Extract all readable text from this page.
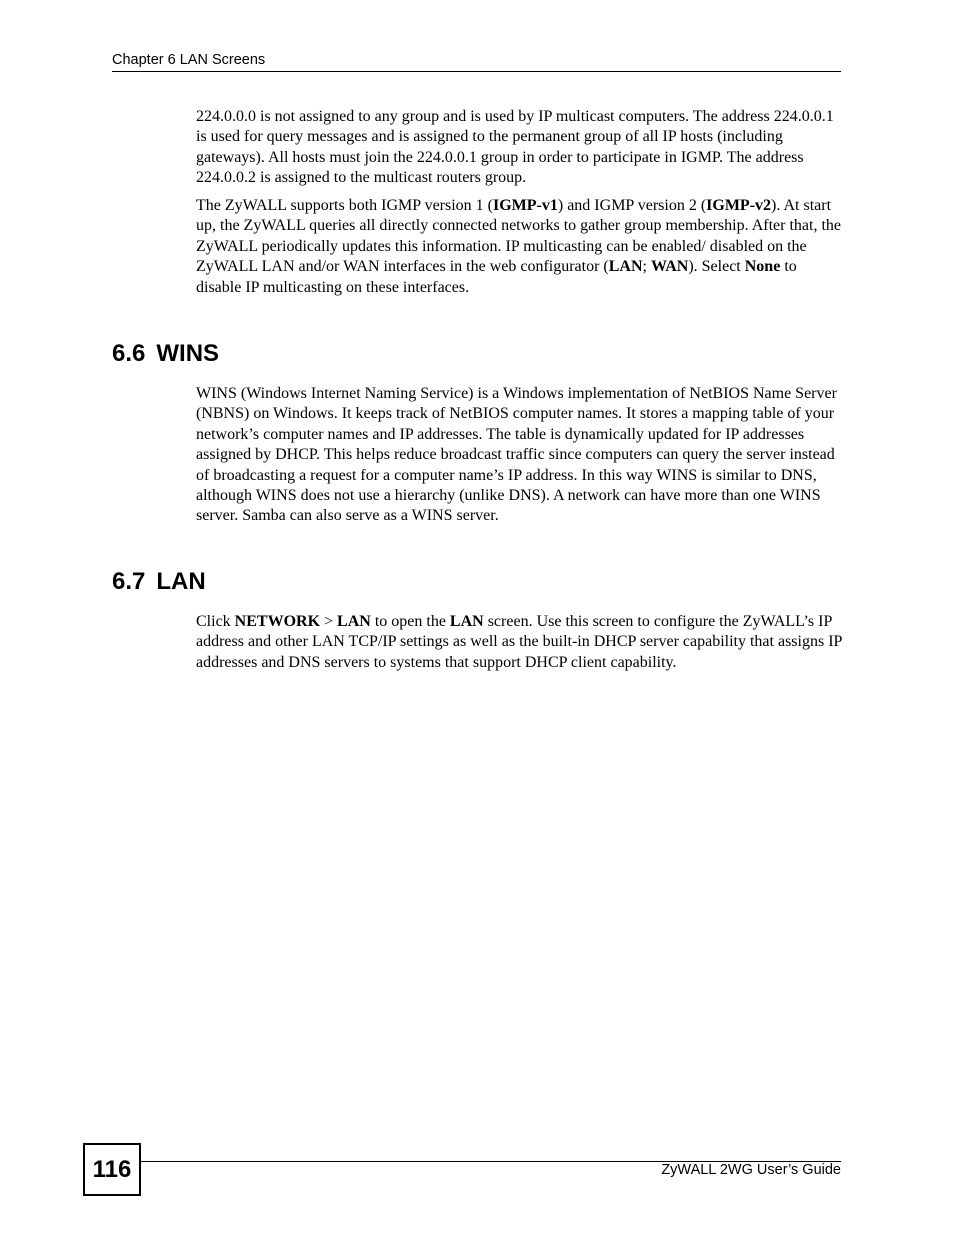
Chapter 6 LAN Screens

224.0.0.0 is not assigned to any group and is used by IP multicast computers. The address 224.0.0.1 is used for query messages and is assigned to the permanent group of all IP hosts (including gateways). All hosts must join the 224.0.0.1 group in order to participate in IGMP. The address 224.0.0.2 is assigned to the multicast routers group.

The ZyWALL supports both IGMP version 1 (IGMP-v1) and IGMP version 2 (IGMP-v2). At start up, the ZyWALL queries all directly connected networks to gather group membership. After that, the ZyWALL periodically updates this information. IP multicasting can be enabled/ disabled on the ZyWALL LAN and/or WAN interfaces in the web configurator (LAN; WAN). Select None to disable IP multicasting on these interfaces.

6.6 WINS

WINS (Windows Internet Naming Service) is a Windows implementation of NetBIOS Name Server (NBNS) on Windows. It keeps track of NetBIOS computer names. It stores a mapping table of your network’s computer names and IP addresses. The table is dynamically updated for IP addresses assigned by DHCP. This helps reduce broadcast traffic since computers can query the server instead of broadcasting a request for a computer name’s IP address. In this way WINS is similar to DNS, although WINS does not use a hierarchy (unlike DNS). A network can have more than one WINS server. Samba can also serve as a WINS server.

6.7 LAN

Click NETWORK > LAN to open the LAN screen. Use this screen to configure the ZyWALL’s IP address and other LAN TCP/IP settings as well as the built-in DHCP server capability that assigns IP addresses and DNS servers to systems that support DHCP client capability.

116	ZyWALL 2WG User’s Guide
